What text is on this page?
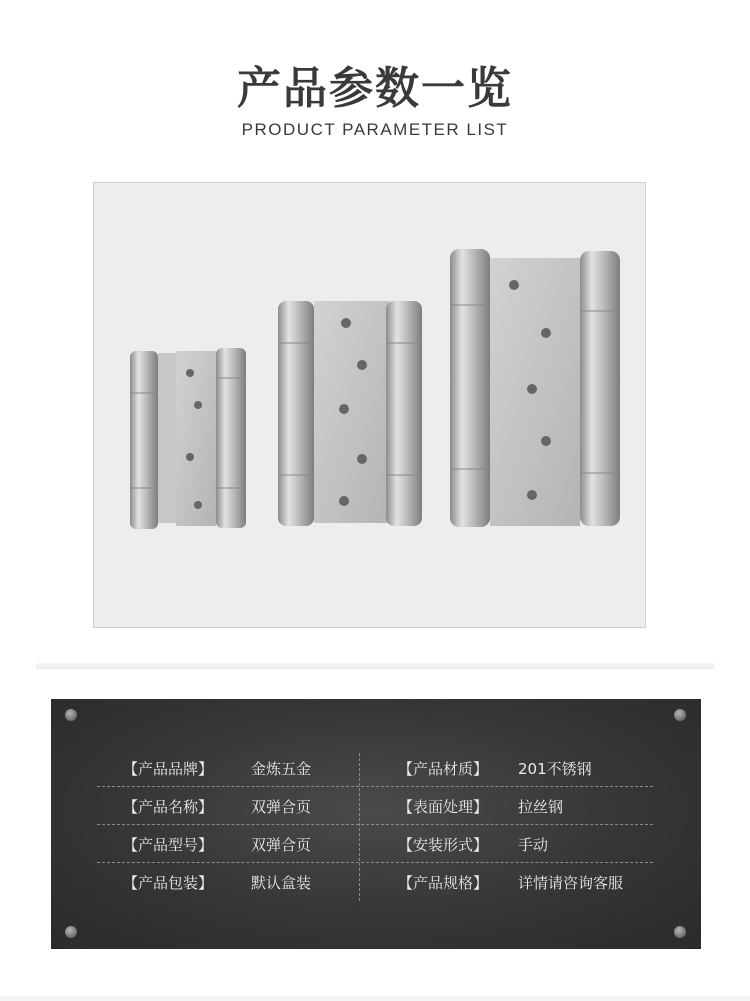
产品参数一览
PRODUCT PARAMETER LIST
【产品品牌】	金炼五金	【产品材质】 201不锈钢
【产品名称】	双弹合页	【表面处理】 拉丝钢
【产品型号】	双弹合页	【安装形式】 手动
【产品包装】	默认盒装	【产品规格】 详情请咨询客服
